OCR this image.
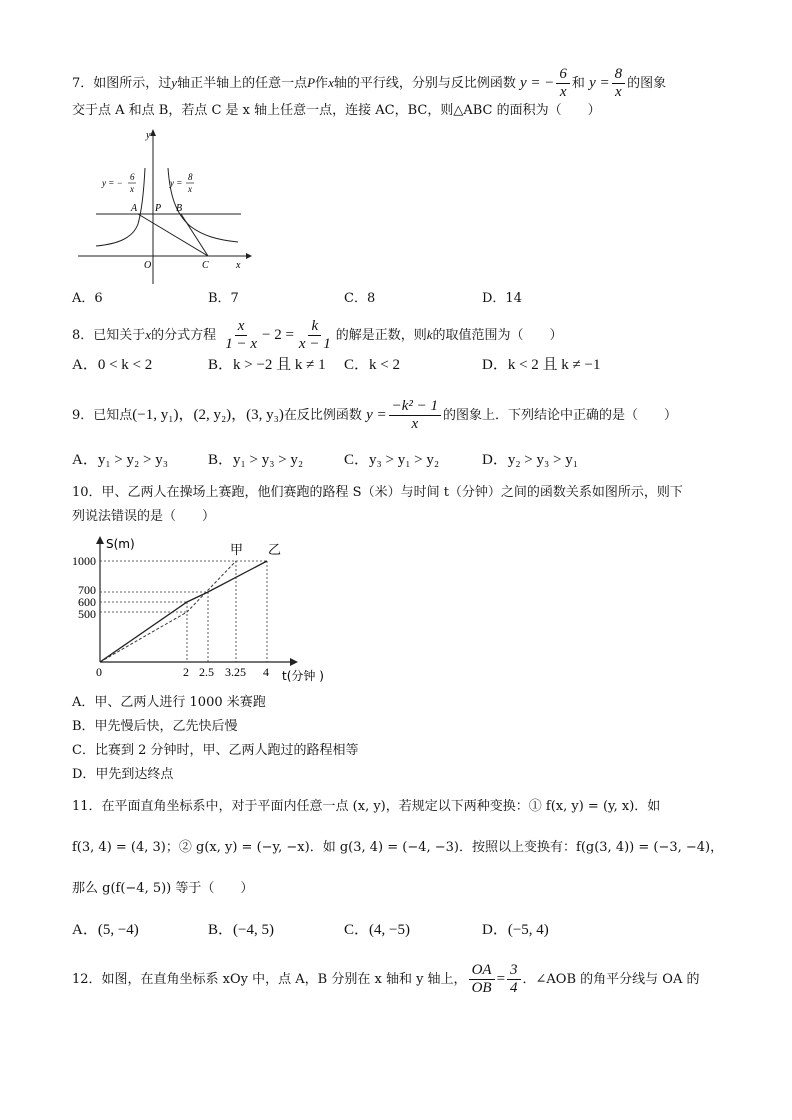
7．如图所示，过y轴正半轴上的任意一点P作x轴的平行线，分别与反比例函数 y = − $\frac{6}{x}$ 和 $y = \frac{8}{x}$ 的图象
交于点 A 和点 B，若点 C 是 x 轴上任意一点，连接 AC，BC，则△ABC 的面积为（　　）
y
x
O
A P B
C
y = −
6
x
y =
8
x
A．6	B．7	C．8	D．14
8．已知关于x的分式方程 $\frac{x}{1 - x} - 2 = \frac{k}{x - 1}$ 的解是正数，则k的取值范围为（　　）
A．0 < k < 2	B．k > −2 且 k ≠ 1 C．k < 2	D．k < 2 且 k ≠ −1
9．已知点(−1, y₁)，(2, y₂)，(3, y₃)在反比例函数 $y = \frac{\text{−k² − 1}}{x}$ 的图象上．下列结论中正确的是（　　）
A．y₁ > y₂ > y₃	B．y₁ > y₃ > y₂	C．y₃ > y₁ > y₂	D．y₂ > y₃ > y₁
10．甲、乙两人在操场上赛跑，他们赛跑的路程 S（米）与时间 t（分钟）之间的函数关系如图所示，则下
列说法错误的是（　　）
1000
700
600
500
0	2 2.5 3.25 4
S(m)
t(分钟 )
甲 乙
A．甲、乙两人进行 1000 米赛跑
B．甲先慢后快，乙先快后慢
C．比赛到 2 分钟时，甲、乙两人跑过的路程相等
D．甲先到达终点
11．在平面直角坐标系中，对于平面内任意一点 (x, y)，若规定以下两种变换：① f(x, y) = (y, x)．如
f(3, 4) = (4, 3)；② g(x, y) = (−y, −x)．如 g(3, 4) = (−4, −3)．按照以上变换有：f(g(3, 4)) = (−3, −4)，
那么 g(f(−4, 5)) 等于（　　）
A．(5, −4)	B．(−4, 5)	C．(4, −5)	D．(−5, 4)
12．如图，在直角坐标系 xOy 中，点 A，B 分别在 x 轴和 y 轴上， $\frac{OA}{OB} = \frac{3}{4}$ ．∠AOB 的角平分线与 OA 的
